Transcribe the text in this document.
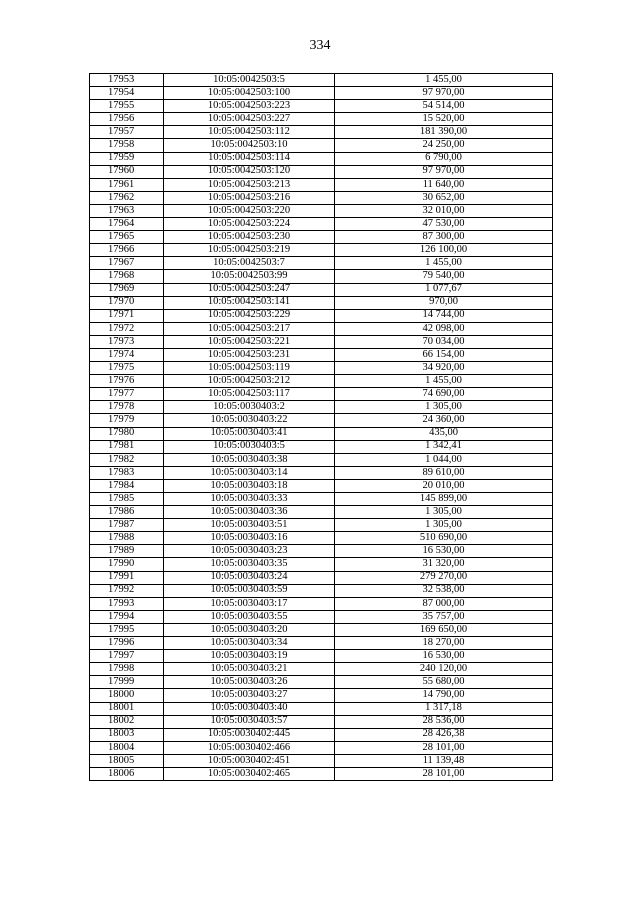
334
17953	10:05:0042503:5	1 455,00
17954	10:05:0042503:100	97 970,00
17955	10:05:0042503:223	54 514,00
17956	10:05:0042503:227	15 520,00
17957	10:05:0042503:112	181 390,00
17958	10:05:0042503:10	24 250,00
17959	10:05:0042503:114	6 790,00
17960	10:05:0042503:120	97 970,00
17961	10:05:0042503:213	11 640,00
17962	10:05:0042503:216	30 652,00
17963	10:05:0042503:220	32 010,00
17964	10:05:0042503:224	47 530,00
17965	10:05:0042503:230	87 300,00
17966	10:05:0042503:219	126 100,00
17967	10:05:0042503:7	1 455,00
17968	10:05:0042503:99	79 540,00
17969	10:05:0042503:247	1 077,67
17970	10:05:0042503:141	970,00
17971	10:05:0042503:229	14 744,00
17972	10:05:0042503:217	42 098,00
17973	10:05:0042503:221	70 034,00
17974	10:05:0042503:231	66 154,00
17975	10:05:0042503:119	34 920,00
17976	10:05:0042503:212	1 455,00
17977	10:05:0042503:117	74 690,00
17978	10:05:0030403:2	1 305,00
17979	10:05:0030403:22	24 360,00
17980	10:05:0030403:41	435,00
17981	10:05:0030403:5	1 342,41
17982	10:05:0030403:38	1 044,00
17983	10:05:0030403:14	89 610,00
17984	10:05:0030403:18	20 010,00
17985	10:05:0030403:33	145 899,00
17986	10:05:0030403:36	1 305,00
17987	10:05:0030403:51	1 305,00
17988	10:05:0030403:16	510 690,00
17989	10:05:0030403:23	16 530,00
17990	10:05:0030403:35	31 320,00
17991	10:05:0030403:24	279 270,00
17992	10:05:0030403:59	32 538,00
17993	10:05:0030403:17	87 000,00
17994	10:05:0030403:55	35 757,00
17995	10:05:0030403:20	169 650,00
17996	10:05:0030403:34	18 270,00
17997	10:05:0030403:19	16 530,00
17998	10:05:0030403:21	240 120,00
17999	10:05:0030403:26	55 680,00
18000	10:05:0030403:27	14 790,00
18001	10:05:0030403:40	1 317,18
18002	10:05:0030403:57	28 536,00
18003	10:05:0030402:445	28 426,38
18004	10:05:0030402:466	28 101,00
18005	10:05:0030402:451	11 139,48
18006	10:05:0030402:465	28 101,00
